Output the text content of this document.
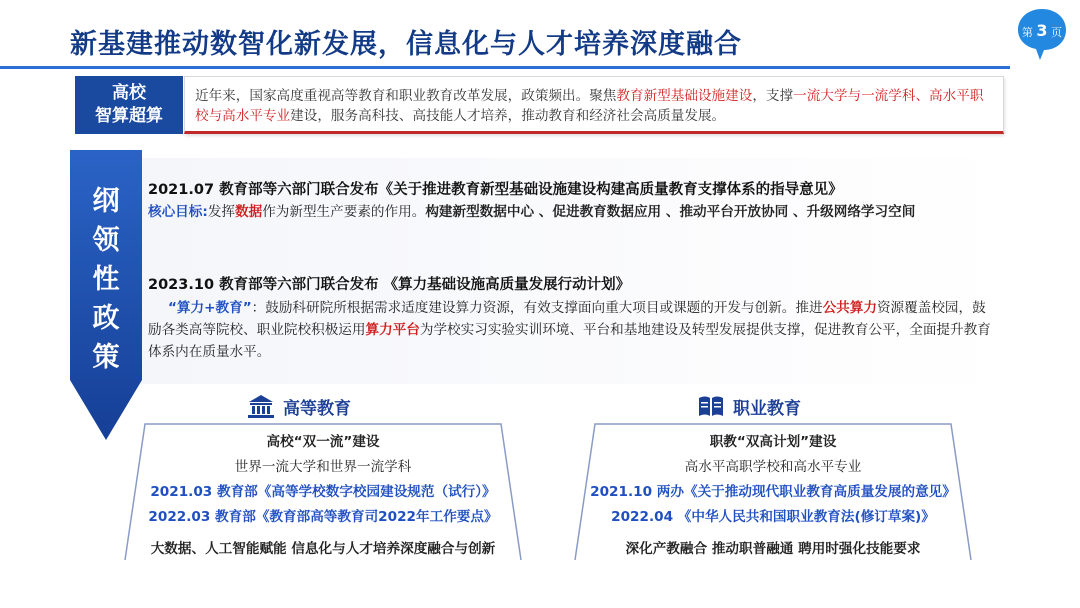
新基建推动数智化新发展，信息化与人才培养深度融合	第 3 页
高校
智算超算
近年来，国家高度重视高等教育和职业教育改革发展，政策频出。聚焦教育新型基础设施建设，支撑一流大学与一流学科、高水平职校与高水平专业建设，服务高科技、高技能人才培养，推动教育和经济社会高质量发展。
纲
领
性
政
策
2021.07 教育部等六部门联合发布《关于推进教育新型基础设施建设构建高质量教育支撑体系的指导意见》
核心目标:发挥数据作为新型生产要素的作用。构建新型数据中心 、促进教育数据应用 、推动平台开放协同 、升级网络学习空间
2023.10 教育部等六部门联合发布 《算力基础设施高质量发展行动计划》
“算力+教育”：鼓励科研院所根据需求适度建设算力资源，有效支撑面向重大项目或课题的开发与创新。推进公共算力资源覆盖校园，鼓励各类高等院校、职业院校积极运用算力平台为学校实习实验实训环境、平台和基地建设及转型发展提供支撑，促进教育公平，全面提升教育体系内在质量水平。
高等教育	职业教育
高校“双一流”建设
世界一流大学和世界一流学科
2021.03 教育部《高等学校数字校园建设规范（试行）》
2022.03 教育部《教育部高等教育司2022年工作要点》
大数据、人工智能赋能 信息化与人才培养深度融合与创新
职教“双高计划”建设
高水平高职学校和高水平专业
2021.10 两办《关于推动现代职业教育高质量发展的意见》
2022.04 《中华人民共和国职业教育法(修订草案)》
深化产教融合 推动职普融通 聘用时强化技能要求
